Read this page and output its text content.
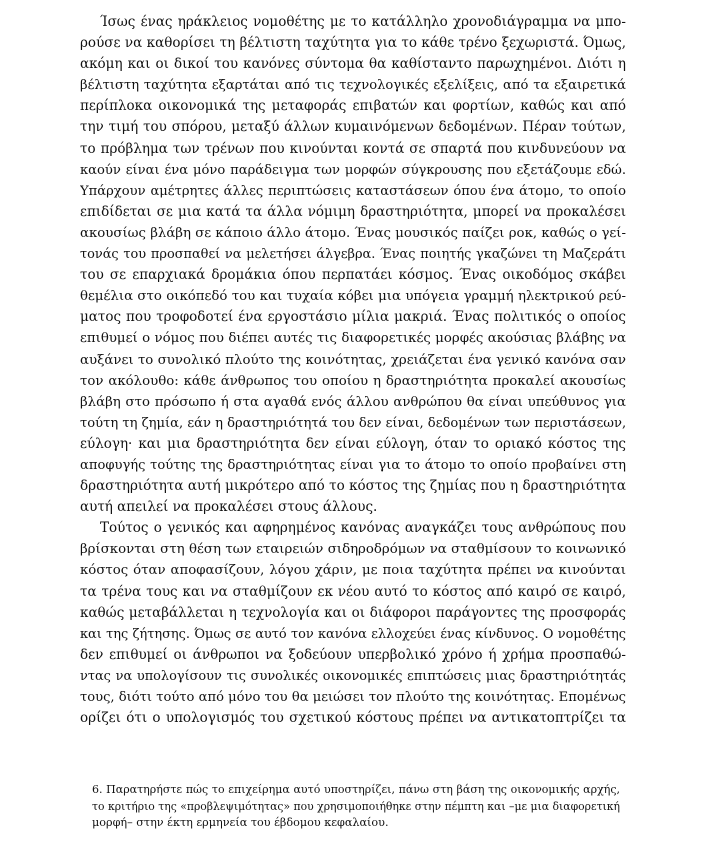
Ίσως ένας ηράκλειος νομοθέτης με το κατάλληλο χρονοδιάγραμμα να μπο-
ρούσε να καθορίσει τη βέλτιστη ταχύτητα για το κάθε τρένο ξεχωριστά. Όμως,
ακόμη και οι δικοί του κανόνες σύντομα θα καθίσταντο παρωχημένοι. Διότι η
βέλτιστη ταχύτητα εξαρτάται από τις τεχνολογικές εξελίξεις, από τα εξαιρετικά
περίπλοκα οικονομικά της μεταφοράς επιβατών και φορτίων, καθώς και από
την τιμή του σπόρου, μεταξύ άλλων κυμαινόμενων δεδομένων. Πέραν τούτων,
το πρόβλημα των τρένων που κινούνται κοντά σε σπαρτά που κινδυνεύουν να
καούν είναι ένα μόνο παράδειγμα των μορφών σύγκρουσης που εξετάζουμε εδώ.
Υπάρχουν αμέτρητες άλλες περιπτώσεις καταστάσεων όπου ένα άτομο, το οποίο
επιδίδεται σε μια κατά τα άλλα νόμιμη δραστηριότητα, μπορεί να προκαλέσει
ακουσίως βλάβη σε κάποιο άλλο άτομο. Ένας μουσικός παίζει ροκ, καθώς ο γεί-
τονάς του προσπαθεί να μελετήσει άλγεβρα. Ένας ποιητής γκαζώνει τη Μαζεράτι
του σε επαρχιακά δρομάκια όπου περπατάει κόσμος. Ένας οικοδόμος σκάβει
θεμέλια στο οικόπεδό του και τυχαία κόβει μια υπόγεια γραμμή ηλεκτρικού ρεύ-
ματος που τροφοδοτεί ένα εργοστάσιο μίλια μακριά. Ένας πολιτικός ο οποίος
επιθυμεί ο νόμος που διέπει αυτές τις διαφορετικές μορφές ακούσιας βλάβης να
αυξάνει το συνολικό πλούτο της κοινότητας, χρειάζεται ένα γενικό κανόνα σαν
τον ακόλουθο: κάθε άνθρωπος του οποίου η δραστηριότητα προκαλεί ακουσίως
βλάβη στο πρόσωπο ή στα αγαθά ενός άλλου ανθρώπου θα είναι υπεύθυνος για
τούτη τη ζημία, εάν η δραστηριότητά του δεν είναι, δεδομένων των περιστάσεων,
εύλογη· και μια δραστηριότητα δεν είναι εύλογη, όταν το οριακό κόστος της
αποφυγής τούτης της δραστηριότητας είναι για το άτομο το οποίο προβαίνει στη
δραστηριότητα αυτή μικρότερο από το κόστος της ζημίας που η δραστηριότητα
αυτή απειλεί να προκαλέσει στους άλλους.
Τούτος ο γενικός και αφηρημένος κανόνας αναγκάζει τους ανθρώπους που
βρίσκονται στη θέση των εταιρειών σιδηροδρόμων να σταθμίσουν το κοινωνικό
κόστος όταν αποφασίζουν, λόγου χάριν, με ποια ταχύτητα πρέπει να κινούνται
τα τρένα τους και να σταθμίζουν εκ νέου αυτό το κόστος από καιρό σε καιρό,
καθώς μεταβάλλεται η τεχνολογία και οι διάφοροι παράγοντες της προσφοράς
και της ζήτησης. Όμως σε αυτό τον κανόνα ελλοχεύει ένας κίνδυνος. Ο νομοθέτης
δεν επιθυμεί οι άνθρωποι να ξοδεύουν υπερβολικό χρόνο ή χρήμα προσπαθώ-
ντας να υπολογίσουν τις συνολικές οικονομικές επιπτώσεις μιας δραστηριότητάς
τους, διότι τούτο από μόνο του θα μειώσει τον πλούτο της κοινότητας. Επομένως
ορίζει ότι ο υπολογισμός του σχετικού κόστους πρέπει να αντικατοπτρίζει τα
6. Παρατηρήστε πώς το επιχείρημα αυτό υποστηρίζει, πάνω στη βάση της οικονομικής αρχής,
το κριτήριο της «προβλεψιμότητας» που χρησιμοποιήθηκε στην πέμπτη και –με μια διαφορετική
μορφή– στην έκτη ερμηνεία του έβδομου κεφαλαίου.
